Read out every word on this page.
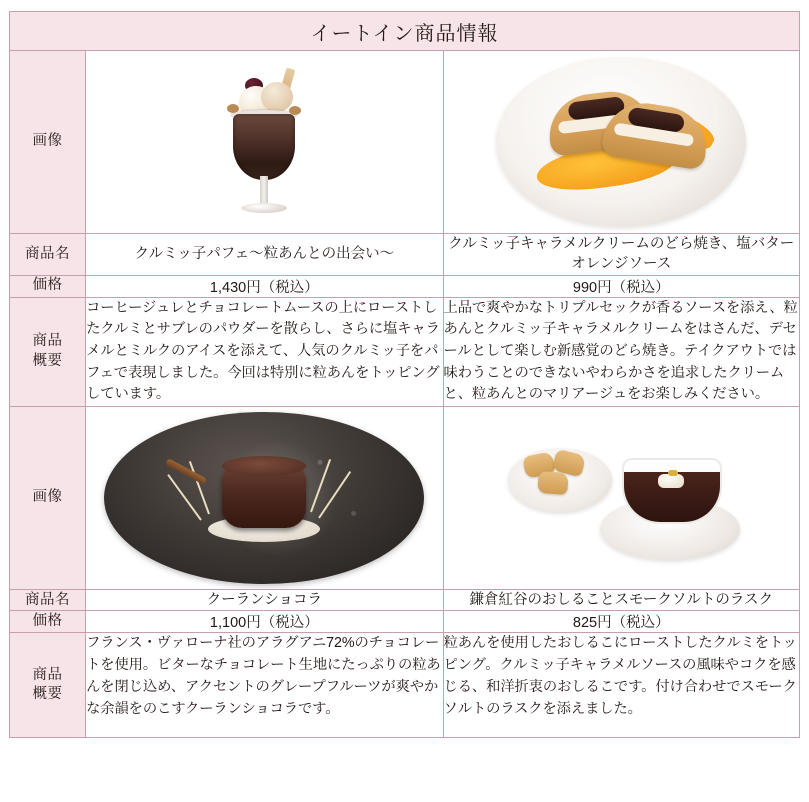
イートイン商品情報		
画像	

商品名	クルミッ子パフェ～粒あんとの出会い～	クルミッ子キャラメルクリームのどら焼き、塩バターオレンジソース
価格	1,430円（税込）	990円（税込）

商品
概要	コーヒージュレとチョコレートムースの上にローストしたクルミとサブレのパウダーを散らし、さらに塩キャラメルとミルクのアイスを添えて、人気のクルミッ子をパフェで表現しました。今回は特別に粒あんをトッピングしています。	上品で爽やかなトリプルセックが香るソースを添え、粒あんとクルミッ子キャラメルクリームをはさんだ、デセールとして楽しむ新感覚のどら焼き。テイクアウトでは味わうことのできないやわらかさを追求したクリームと、粒あんとのマリアージュをお楽しみください。

画像	

商品名	クーランショコラ	鎌倉紅谷のおしることスモークソルトのラスク
価格	1,100円（税込）	825円（税込）

商品
概要	フランス・ヴァローナ社のアラグアニ72%のチョコレートを使用。ビターなチョコレート生地にたっぷりの粒あんを閉じ込め、アクセントのグレープフルーツが爽やかな余韻をのこすクーランショコラです。	粒あんを使用したおしるこにローストしたクルミをトッピング。クルミッ子キャラメルソースの風味やコクを感じる、和洋折衷のおしるこです。付け合わせでスモークソルトのラスクを添えました。
